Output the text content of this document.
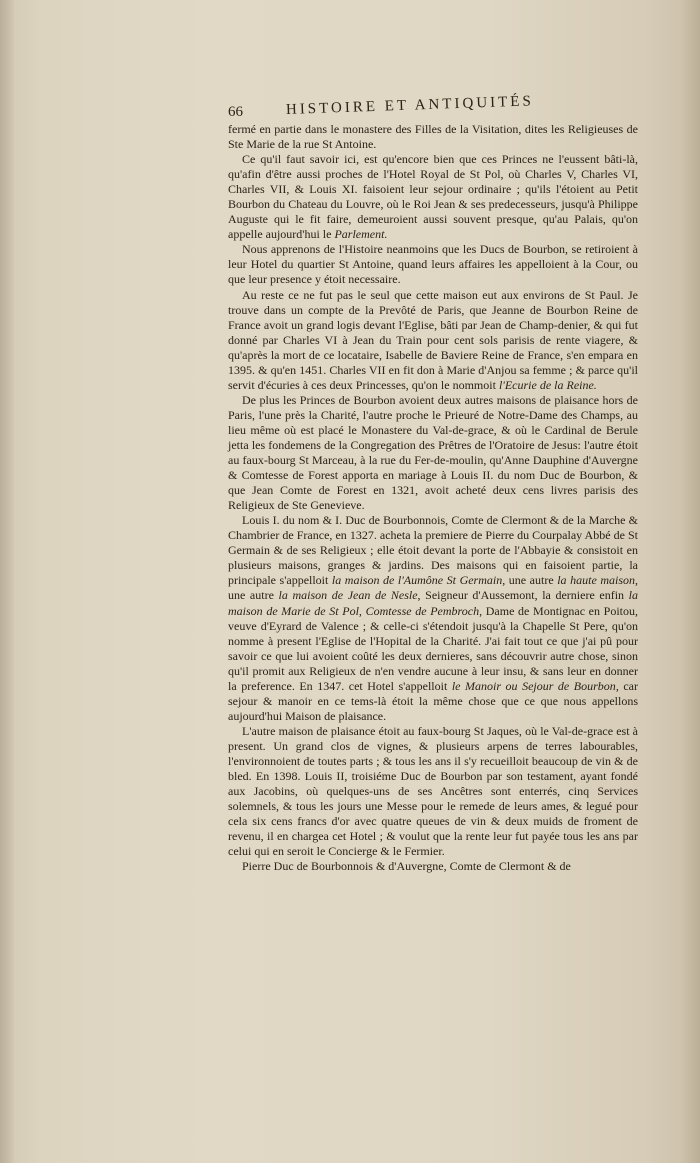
66	HISTOIRE ET ANTIQUITÉS

fermé en partie dans le monastere des Filles de la Visitation, dites les Religieuses de Ste Marie de la rue St Antoine.

Ce qu'il faut savoir ici, est qu'encore bien que ces Princes ne l'eussent bâti-là, qu'afin d'être aussi proches de l'Hotel Royal de St Pol, où Charles V, Charles VI, Charles VII, & Louis XI. faisoient leur sejour ordinaire ; qu'ils l'étoient au Petit Bourbon du Chateau du Louvre, où le Roi Jean & ses predecesseurs, jusqu'à Philippe Auguste qui le fit faire, demeuroient aussi souvent presque, qu'au Palais, qu'on appelle aujourd'hui le Parlement.

Nous apprenons de l'Histoire neanmoins que les Ducs de Bourbon, se retiroient à leur Hotel du quartier St Antoine, quand leurs affaires les appelloient à la Cour, ou que leur presence y étoit necessaire.

Au reste ce ne fut pas le seul que cette maison eut aux environs de St Paul. Je trouve dans un compte de la Prevôté de Paris, que Jeanne de Bourbon Reine de France avoit un grand logis devant l'Eglise, bâti par Jean de Champ-denier, & qui fut donné par Charles VI à Jean du Train pour cent sols parisis de rente viagere, & qu'après la mort de ce locataire, Isabelle de Baviere Reine de France, s'en empara en 1395. & qu'en 1451. Charles VII en fit don à Marie d'Anjou sa femme ; & parce qu'il servit d'écuries à ces deux Princesses, qu'on le nommoit l'Ecurie de la Reine.

De plus les Princes de Bourbon avoient deux autres maisons de plaisance hors de Paris, l'une près la Charité, l'autre proche le Prieuré de Notre-Dame des Champs, au lieu même où est placé le Monastere du Val-de-grace, & où le Cardinal de Berule jetta les fondemens de la Congregation des Prêtres de l'Oratoire de Jesus: l'autre étoit au faux-bourg St Marceau, à la rue du Fer-de-moulin, qu'Anne Dauphine d'Auvergne & Comtesse de Forest apporta en mariage à Louis II. du nom Duc de Bourbon, & que Jean Comte de Forest en 1321, avoit acheté deux cens livres parisis des Religieux de Ste Genevieve.

Louis I. du nom & I. Duc de Bourbonnois, Comte de Clermont & de la Marche & Chambrier de France, en 1327. acheta la premiere de Pierre du Courpalay Abbé de St Germain & de ses Religieux ; elle étoit devant la porte de l'Abbayie & consistoit en plusieurs maisons, granges & jardins. Des maisons qui en faisoient partie, la principale s'appelloit la maison de l'Aumône St Germain, une autre la haute maison, une autre la maison de Jean de Nesle, Seigneur d'Aussemont, la derniere enfin la maison de Marie de St Pol, Comtesse de Pembroch, Dame de Montignac en Poitou, veuve d'Eyrard de Valence ; & celle-ci s'étendoit jusqu'à la Chapelle St Pere, qu'on nomme à present l'Eglise de l'Hopital de la Charité. J'ai fait tout ce que j'ai pû pour savoir ce que lui avoient coûté les deux dernieres, sans découvrir autre chose, sinon qu'il promit aux Religieux de n'en vendre aucune à leur insu, & sans leur en donner la preference. En 1347. cet Hotel s'appelloit le Manoir ou Sejour de Bourbon, car sejour & manoir en ce tems-là étoit la même chose que ce que nous appellons aujourd'hui Maison de plaisance.

L'autre maison de plaisance étoit au faux-bourg St Jaques, où le Val-de-grace est à present. Un grand clos de vignes, & plusieurs arpens de terres labourables, l'environnoient de toutes parts ; & tous les ans il s'y recueilloit beaucoup de vin & de bled. En 1398. Louis II, troisiéme Duc de Bourbon par son testament, ayant fondé aux Jacobins, où quelques-uns de ses Ancêtres sont enterrés, cinq Services solemnels, & tous les jours une Messe pour le remede de leurs ames, & legué pour cela six cens francs d'or avec quatre queues de vin & deux muids de froment de revenu, il en chargea cet Hotel ; & voulut que la rente leur fut payée tous les ans par celui qui en seroit le Concierge & le Fermier.

Pierre Duc de Bourbonnois & d'Auvergne, Comte de Clermont & de
